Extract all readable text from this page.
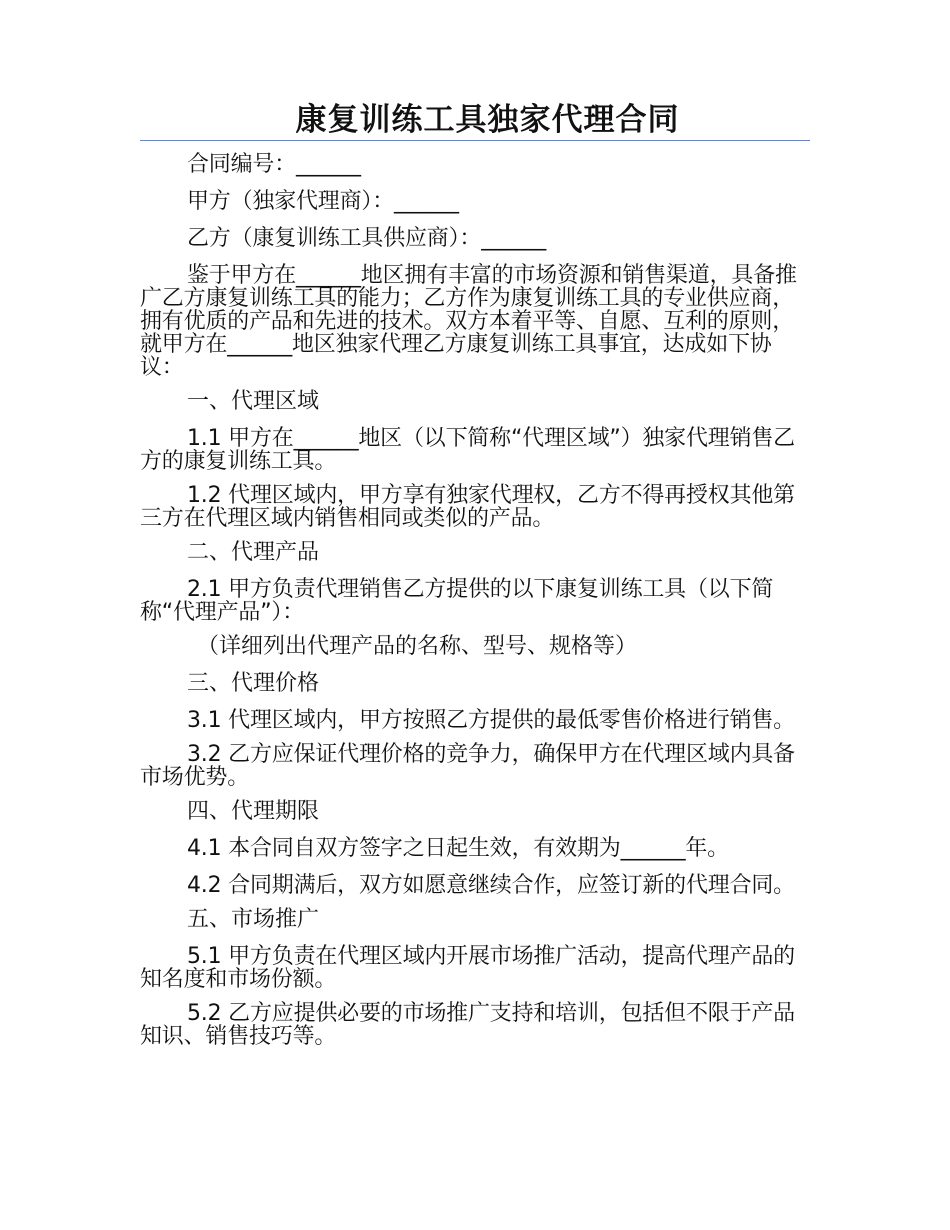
康复训练工具独家代理合同

合同编号：______

甲方（独家代理商）：______

乙方（康复训练工具供应商）：______

鉴于甲方在______地区拥有丰富的市场资源和销售渠道，具备推广乙方康复训练工具的能力；乙方作为康复训练工具的专业供应商，拥有优质的产品和先进的技术。双方本着平等、自愿、互利的原则，就甲方在______地区独家代理乙方康复训练工具事宜，达成如下协议：

一、代理区域

1.1 甲方在______地区（以下简称“代理区域”）独家代理销售乙方的康复训练工具。

1.2 代理区域内，甲方享有独家代理权，乙方不得再授权其他第三方在代理区域内销售相同或类似的产品。

二、代理产品

2.1 甲方负责代理销售乙方提供的以下康复训练工具（以下简称“代理产品”）：

（详细列出代理产品的名称、型号、规格等）

三、代理价格

3.1 代理区域内，甲方按照乙方提供的最低零售价格进行销售。

3.2 乙方应保证代理价格的竞争力，确保甲方在代理区域内具备市场优势。

四、代理期限

4.1 本合同自双方签字之日起生效，有效期为______年。

4.2 合同期满后，双方如愿意继续合作，应签订新的代理合同。

五、市场推广

5.1 甲方负责在代理区域内开展市场推广活动，提高代理产品的知名度和市场份额。

5.2 乙方应提供必要的市场推广支持和培训，包括但不限于产品知识、销售技巧等。
